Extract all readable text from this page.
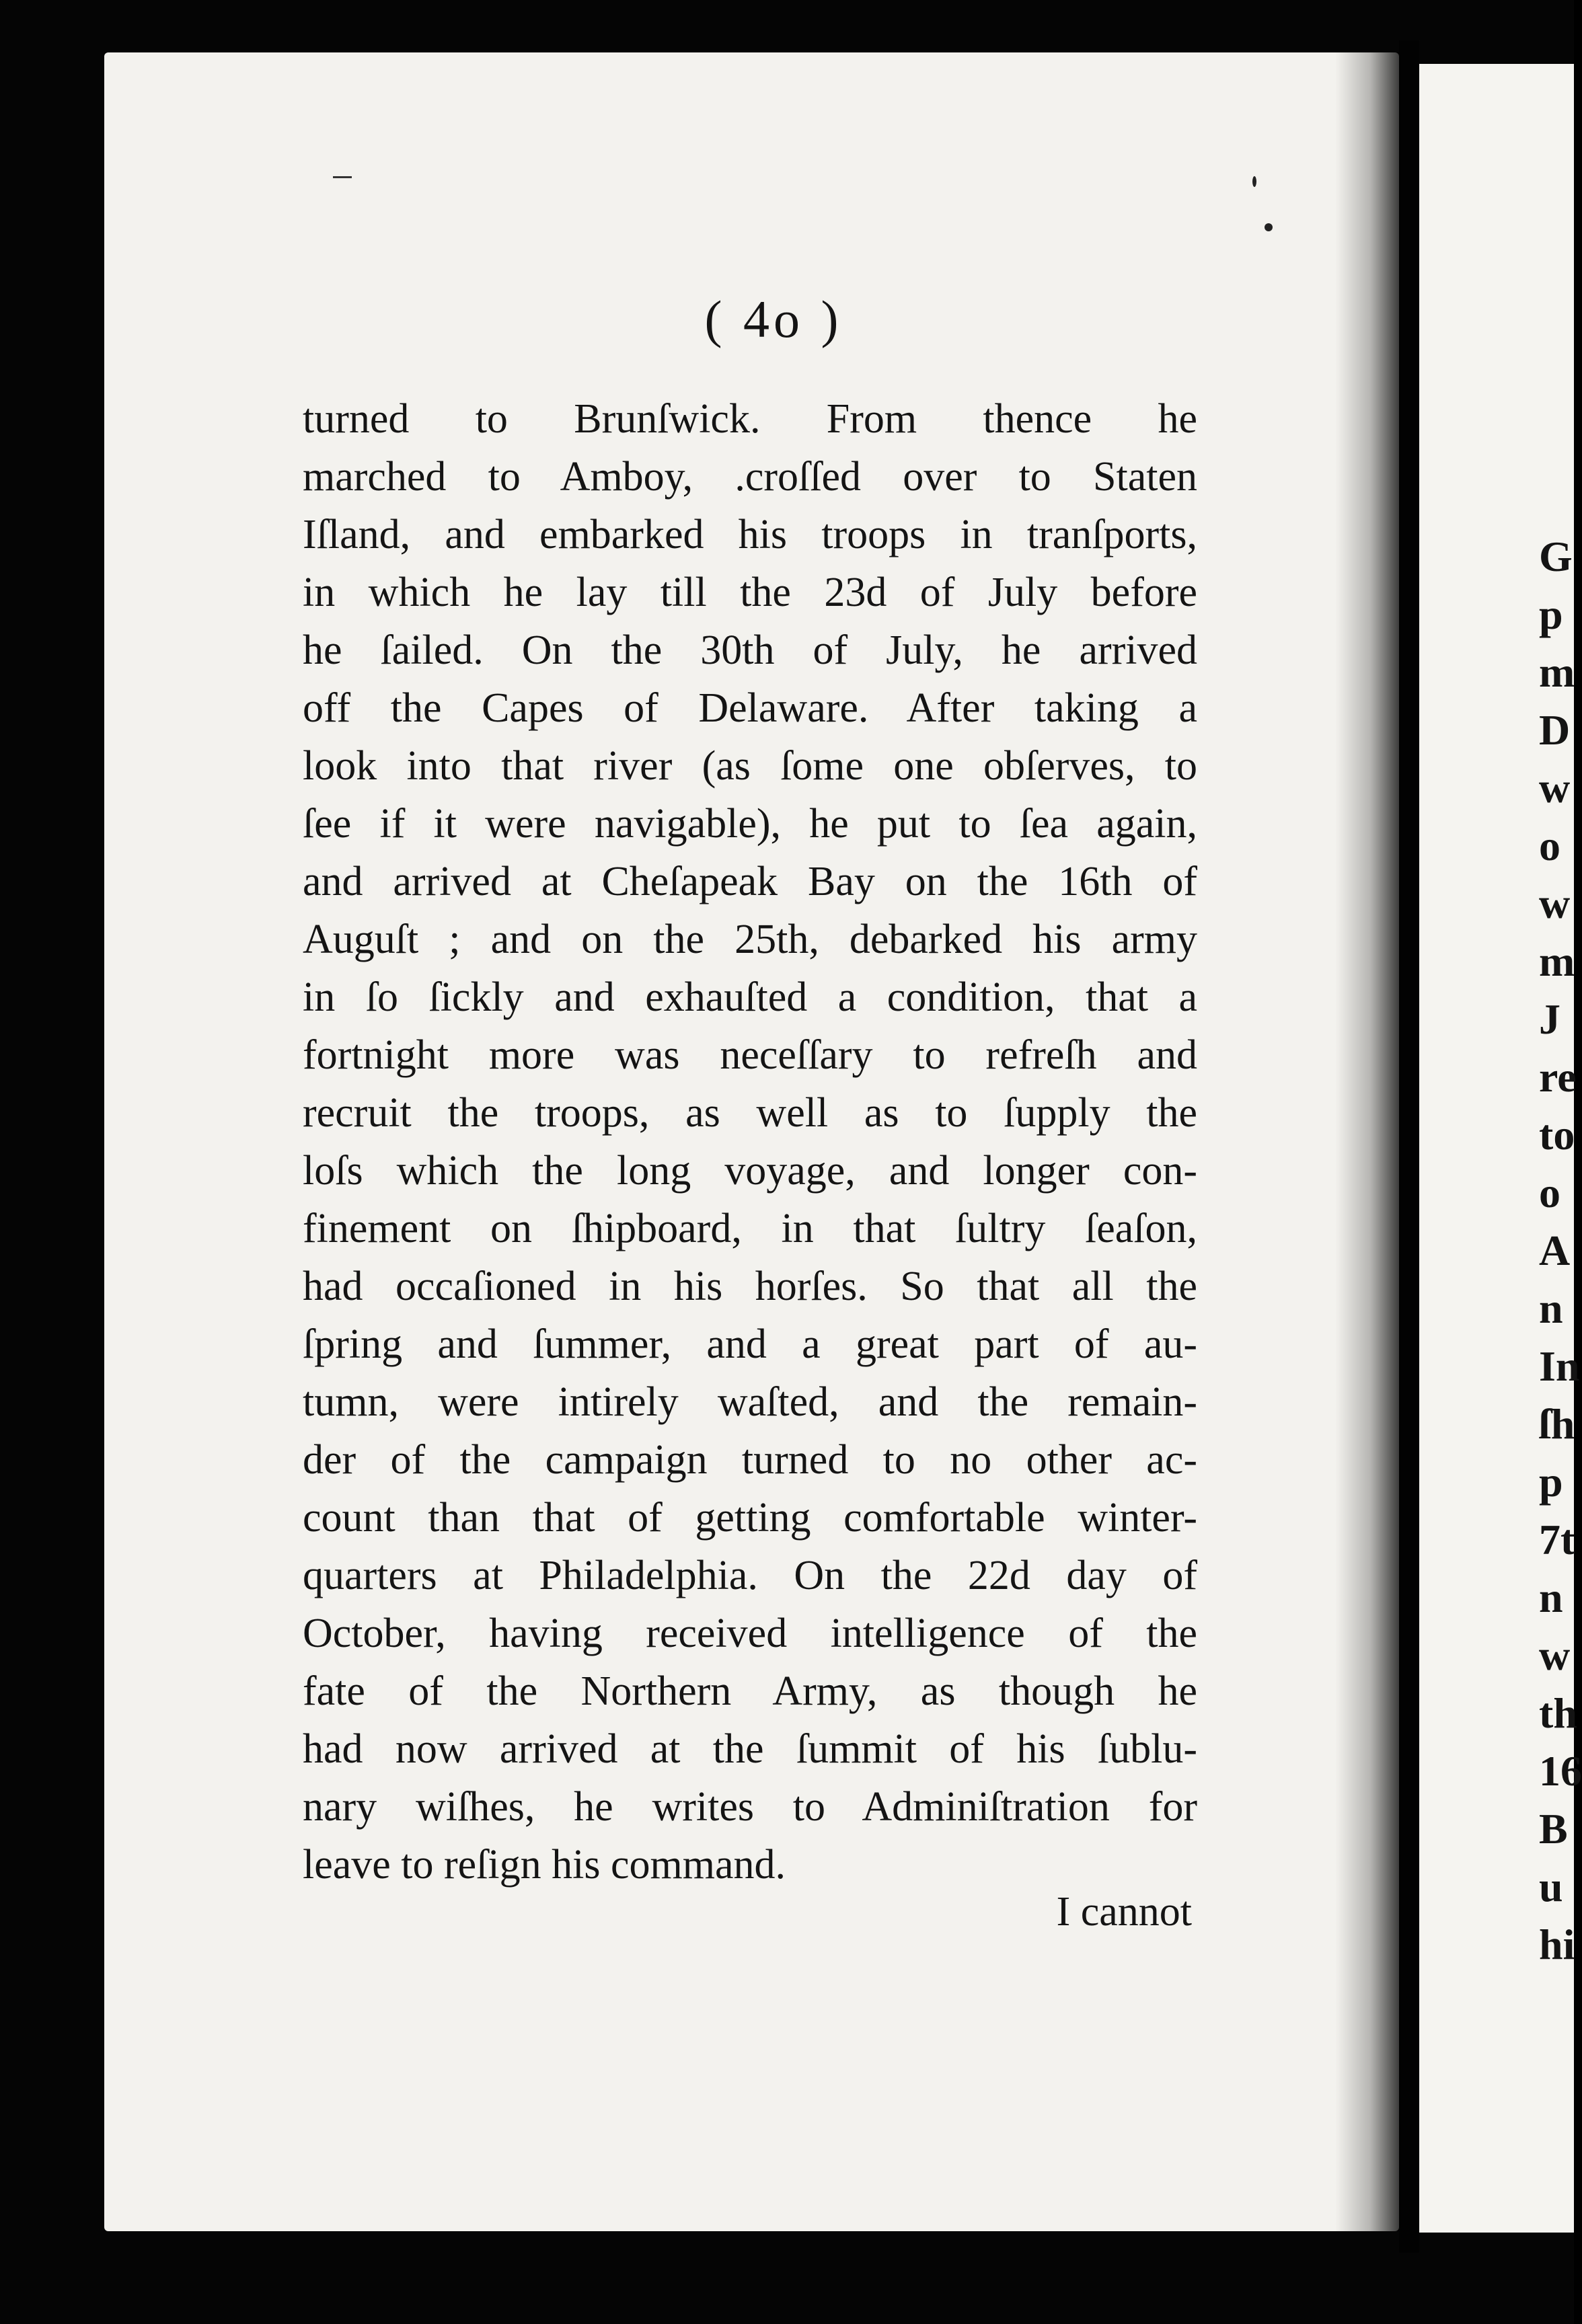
( 4o )
turned to Brunſwick. From thence he
marched to Amboy, .croſſed over to Staten
Iſland, and embarked his troops in tranſports,
in which he lay till the 23d of July before
he ſailed. On the 30th of July, he arrived
off the Capes of Delaware. After taking a
look into that river (as ſome one obſerves, to
ſee if it were navigable), he put to ſea again,
and arrived at Cheſapeak Bay on the 16th of
Auguſt ; and on the 25th, debarked his army
in ſo ſickly and exhauſted a condition, that a
fortnight more was neceſſary to refreſh and
recruit the troops, as well as to ſupply the
loſs which the long voyage, and longer con-
finement on ſhipboard, in that ſultry ſeaſon,
had occaſioned in his horſes. So that all the
ſpring and ſummer, and a great part of au-
tumn, were intirely waſted, and the remain-
der of the campaign turned to no other ac-
count than that of getting comfortable winter-
quarters at Philadelphia. On the 22d day of
October, having received intelligence of the
fate of the Northern Army, as though he
had now arrived at the ſummit of his ſublu-
nary wiſhes, he writes to Adminiſtration for
leave to reſign his command.
I cannot
G
p
m
D
w
o
w
m
J
re
to
o
A
n
In
ſh
p
7t
n
w
th
16
B
u
hi
